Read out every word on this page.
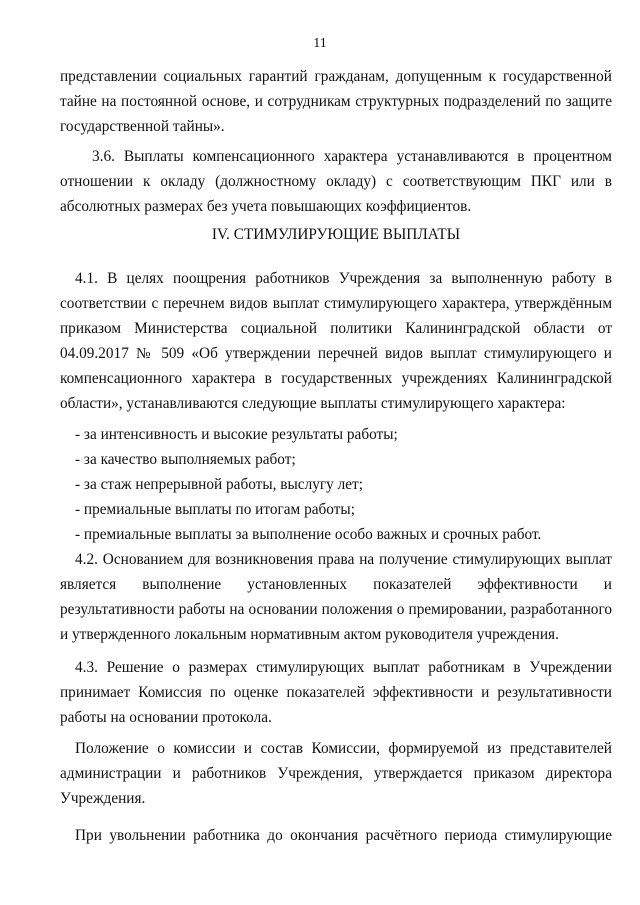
11
представлении социальных гарантий гражданам, допущенным к государственной
тайне на постоянной основе, и сотрудникам структурных подразделений по защите
государственной тайны».
3.6. Выплаты компенсационного характера устанавливаются в процентном
отношении к окладу (должностному окладу) с соответствующим ПКГ или в
абсолютных размерах без учета повышающих коэффициентов.
IV. СТИМУЛИРУЮЩИЕ ВЫПЛАТЫ
4.1. В целях поощрения работников Учреждения за выполненную работу в
соответствии с перечнем видов выплат стимулирующего характера, утверждённым
приказом Министерства социальной политики Калининградской области от
04.09.2017 № 509 «Об утверждении перечней видов выплат стимулирующего и
компенсационного характера в государственных учреждениях Калининградской
области», устанавливаются следующие выплаты стимулирующего характера:
- за интенсивность и высокие результаты работы;
- за качество выполняемых работ;
- за стаж непрерывной работы, выслугу лет;
- премиальные выплаты по итогам работы;
- премиальные выплаты за выполнение особо важных и срочных работ.
4.2. Основанием для возникновения права на получение стимулирующих выплат
является выполнение установленных показателей эффективности и
результативности работы на основании положения о премировании, разработанного
и утвержденного локальным нормативным актом руководителя учреждения.
4.3. Решение о размерах стимулирующих выплат работникам в Учреждении
принимает Комиссия по оценке показателей эффективности и результативности
работы на основании протокола.
Положение о комиссии и состав Комиссии, формируемой из представителей
администрации и работников Учреждения, утверждается приказом директора
Учреждения.
При увольнении работника до окончания расчётного периода стимулирующие
